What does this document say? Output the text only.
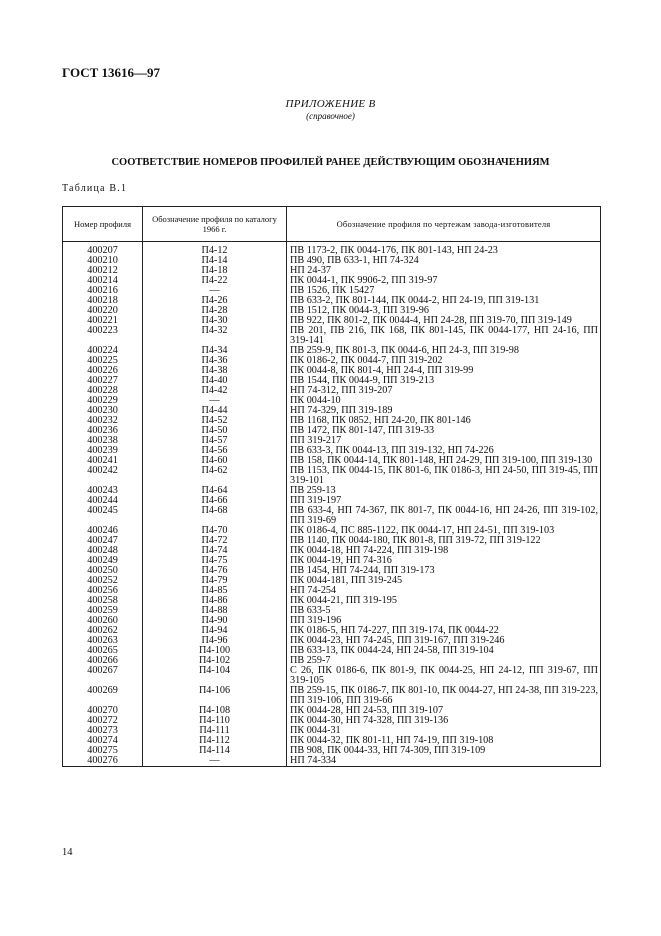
ГОСТ 13616—97
ПРИЛОЖЕНИЕ В
(справочное)
СООТВЕТСТВИЕ НОМЕРОВ ПРОФИЛЕЙ РАНЕЕ ДЕЙСТВУЮЩИМ ОБОЗНАЧЕНИЯМ
Таблица В.1
Номер профиля	Обозначение профиля по каталогу 1966 г.	Обозначение профиля по чертежам завода-изготовителя
400207	П4-12	ПВ 1173-2, ПК 0044-176, ПК 801-143, НП 24-23
400210	П4-14	ПВ 490, ПВ 633-1, НП 74-324
400212	П4-18	НП 24-37
400214	П4-22	ПК 0044-1, ПК 9906-2, ПП 319-97
400216	—	ПВ 1526, ПК 15427
400218	П4-26	ПВ 633-2, ПК 801-144, ПК 0044-2, НП 24-19, ПП 319-131
400220	П4-28	ПВ 1512, ПК 0044-3, ПП 319-96
400221	П4-30	ПВ 922, ПК 801-2, ПК 0044-4, НП 24-28, ПП 319-70, ПП 319-149
400223	П4-32	ПВ 201, ПВ 216, ПК 168, ПК 801-145, ПК 0044-177, НП 24-16, ПП 319-141
400224	П4-34	ПВ 259-9, ПК 801-3, ПК 0044-6, НП 24-3, ПП 319-98
400225	П4-36	ПК 0186-2, ПК 0044-7, ПП 319-202
400226	П4-38	ПК 0044-8, ПК 801-4, НП 24-4, ПП 319-99
400227	П4-40	ПВ 1544, ПК 0044-9, ПП 319-213
400228	П4-42	НП 74-312, ПП 319-207
400229	—	ПК 0044-10
400230	П4-44	НП 74-329, ПП 319-189
400232	П4-52	ПВ 1168, ПК 0852, НП 24-20, ПК 801-146
400236	П4-50	ПВ 1472, ПК 801-147, ПП 319-33
400238	П4-57	ПП 319-217
400239	П4-56	ПВ 633-3, ПК 0044-13, ПП 319-132, НП 74-226
400241	П4-60	ПВ 158, ПК 0044-14, ПК 801-148, НП 24-29, ПП 319-100, ПП 319-130
400242	П4-62	ПВ 1153, ПК 0044-15, ПК 801-6, ПК 0186-3, НП 24-50, ПП 319-45, ПП 319-101
400243	П4-64	ПВ 259-13
400244	П4-66	ПП 319-197
400245	П4-68	ПВ 633-4, НП 74-367, ПК 801-7, ПК 0044-16, НП 24-26, ПП 319-102, ПП 319-69
400246	П4-70	ПК 0186-4, ПС 885-1122, ПК 0044-17, НП 24-51, ПП 319-103
400247	П4-72	ПВ 1140, ПК 0044-180, ПК 801-8, ПП 319-72, ПП 319-122
400248	П4-74	ПК 0044-18, НП 74-224, ПП 319-198
400249	П4-75	ПК 0044-19, НП 74-316
400250	П4-76	ПВ 1454, НП 74-244, ПП 319-173
400252	П4-79	ПК 0044-181, ПП 319-245
400256	П4-85	НП 74-254
400258	П4-86	ПК 0044-21, ПП 319-195
400259	П4-88	ПВ 633-5
400260	П4-90	ПП 319-196
400262	П4-94	ПК 0186-5, НП 74-227, ПП 319-174, ПК 0044-22
400263	П4-96	ПК 0044-23, НП 74-245, ПП 319-167, ПП 319-246
400265	П4-100	ПВ 633-13, ПК 0044-24, НП 24-58, ПП 319-104
400266	П4-102	ПВ 259-7
400267	П4-104	С 26, ПК 0186-6, ПК 801-9, ПК 0044-25, НП 24-12, ПП 319-67, ПП 319-105
400269	П4-106	ПВ 259-15, ПК 0186-7, ПК 801-10, ПК 0044-27, НП 24-38, ПП 319-223, ПП 319-106, ПП 319-66
400270	П4-108	ПК 0044-28, НП 24-53, ПП 319-107
400272	П4-110	ПК 0044-30, НП 74-328, ПП 319-136
400273	П4-111	ПК 0044-31
400274	П4-112	ПК 0044-32, ПК 801-11, НП 74-19, ПП 319-108
400275	П4-114	ПВ 908, ПК 0044-33, НП 74-309, ПП 319-109
400276	—	НП 74-334
14
